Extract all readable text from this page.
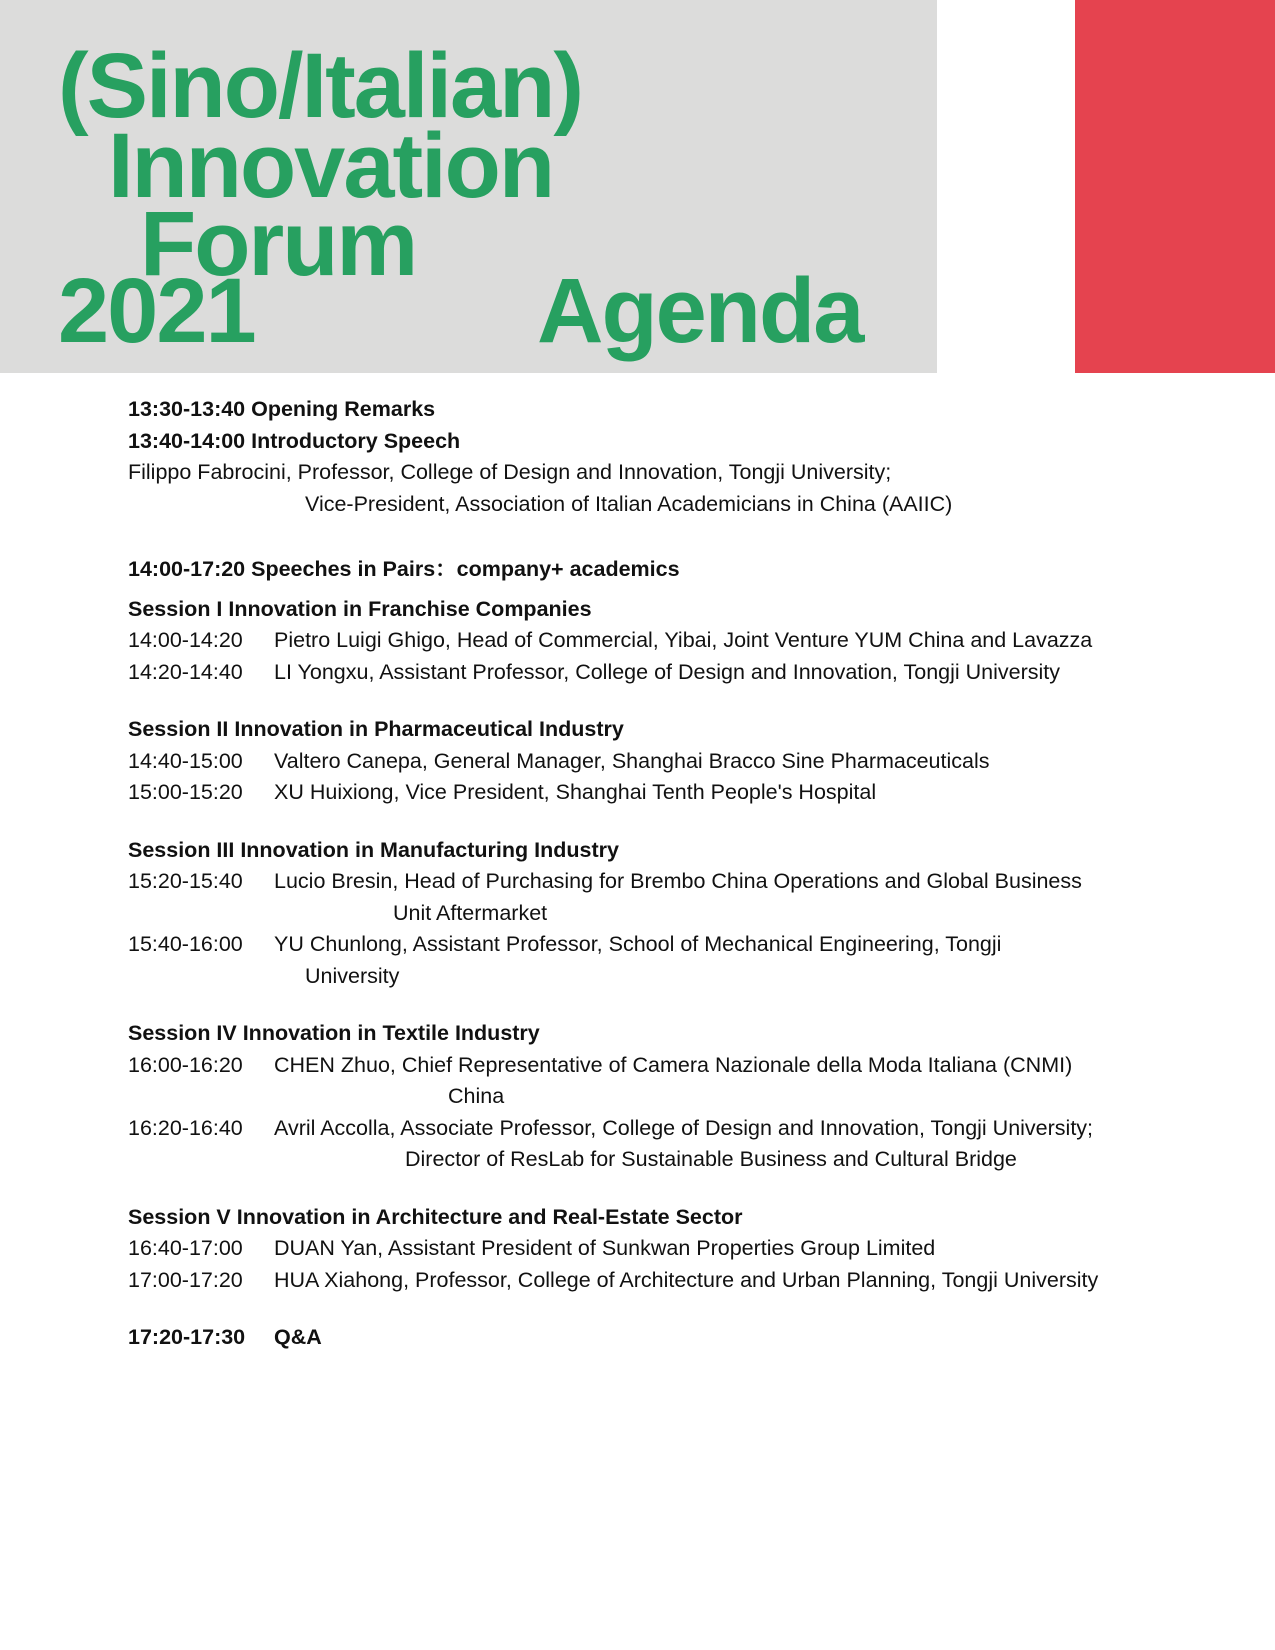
(Sino/Italian)
Innovation
Forum
2021	Agenda

13:30-13:40 Opening Remarks

13:40-14:00 Introductory Speech

Filippo Fabrocini, Professor, College of Design and Innovation, Tongji University;

Vice-President, Association of Italian Academicians in China (AAIIC)

14:00-17:20 Speeches in Pairs：company+ academics

Session I Innovation in Franchise Companies

14:00-14:20	Pietro Luigi Ghigo, Head of Commercial, Yibai, Joint Venture YUM China and Lavazza
14:20-14:40	LI Yongxu, Assistant Professor, College of Design and Innovation, Tongji University

Session II Innovation in Pharmaceutical Industry

14:40-15:00	Valtero Canepa, General Manager, Shanghai Bracco Sine Pharmaceuticals
15:00-15:20	XU Huixiong, Vice President, Shanghai Tenth People's Hospital

Session III Innovation in Manufacturing Industry

15:20-15:40	Lucio Bresin, Head of Purchasing for Brembo China Operations and Global Business

Unit Aftermarket

15:40-16:00	YU Chunlong, Assistant Professor, School of Mechanical Engineering, Tongji

University

Session IV Innovation in Textile Industry

16:00-16:20	CHEN Zhuo, Chief Representative of Camera Nazionale della Moda Italiana (CNMI)

China

16:20-16:40	Avril Accolla, Associate Professor, College of Design and Innovation, Tongji University;

Director of ResLab for Sustainable Business and Cultural Bridge

Session V Innovation in Architecture and Real-Estate Sector

16:40-17:00	DUAN Yan, Assistant President of Sunkwan Properties Group Limited
17:00-17:20	HUA Xiahong, Professor, College of Architecture and Urban Planning, Tongji University
17:20-17:30	Q&A
